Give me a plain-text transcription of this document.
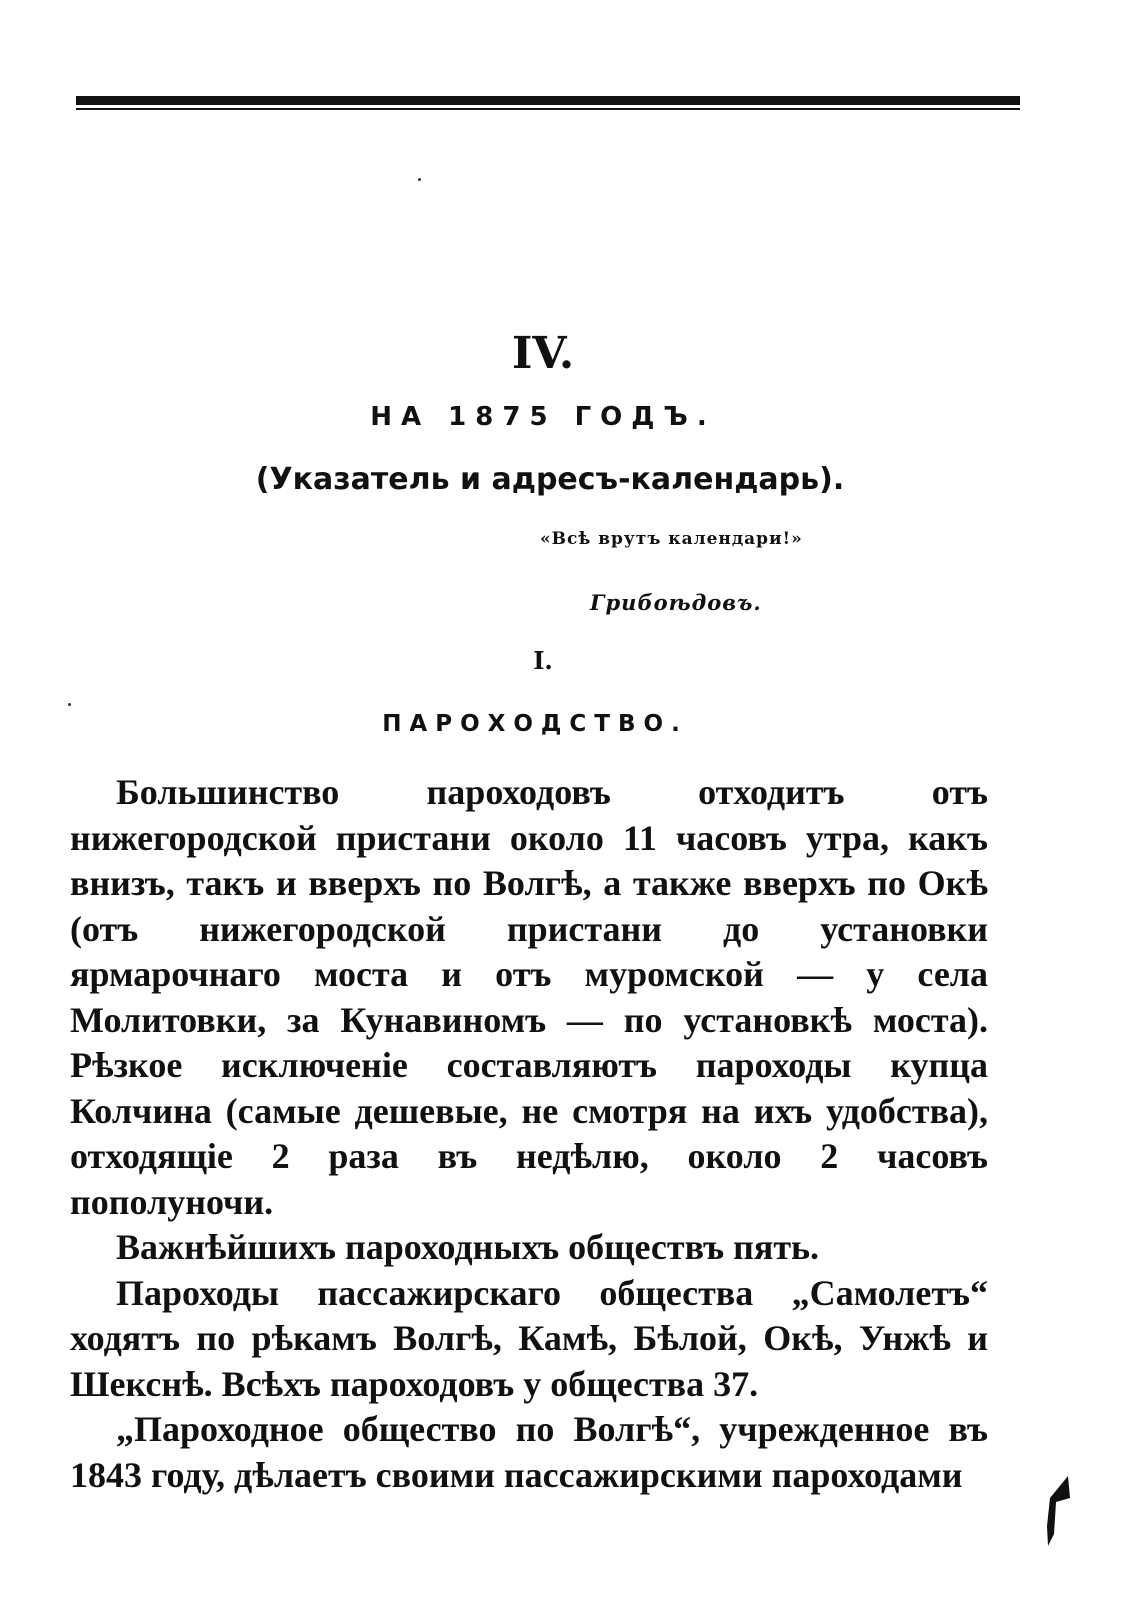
IV.
НА 1875 ГОДЪ.
(Указатель и адресъ-календарь).
«Всѣ врутъ календари!»
Грибоѣдовъ.
I.
ПАРОХОДСТВО.

Большинство пароходовъ отходитъ отъ нижегородской пристани около 11 часовъ утра, какъ внизъ, такъ и вверхъ по Волгѣ, а также вверхъ по Окѣ (отъ нижегородской пристани до установки ярмарочнаго моста и отъ муромской — у села Молитовки, за Кунавиномъ — по установкѣ моста). Рѣзкое исключенiе составляютъ пароходы купца Колчина (самые дешевые, не смотря на ихъ удобства), отходящiе 2 раза въ недѣлю, около 2 часовъ пополуночи.

Важнѣйшихъ пароходныхъ обществъ пять.

Пароходы пассажирскаго общества „Самолетъ“ ходятъ по рѣкамъ Волгѣ, Камѣ, Бѣлой, Окѣ, Унжѣ и Шекснѣ. Всѣхъ пароходовъ у общества 37.

„Пароходное общество по Волгѣ“, учрежденное въ 1843 году, дѣлаетъ своими пассажирскими пароходами
